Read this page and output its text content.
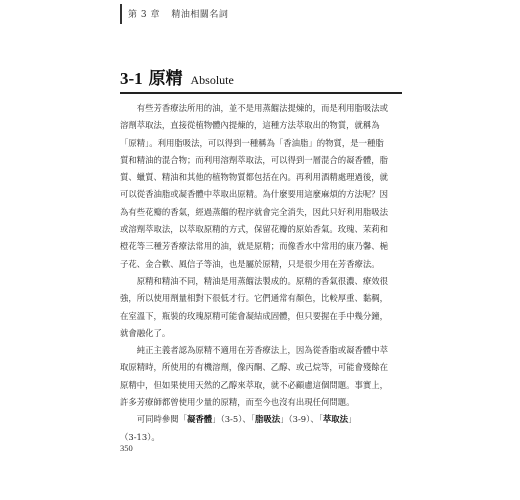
第 3 章 精油相關名詞
3-1 原精 Absolute
有些芳香療法所用的油，並不是用蒸餾法提煉的，而是利用脂吸法或
溶劑萃取法，直接從植物體內提煉的，這種方法萃取出的物質，就稱為
「原精」。利用脂吸法，可以得到一種稱為「香油脂」的物質，是一種脂
質和精油的混合物；而利用溶劑萃取法，可以得到一層混合的凝香體，脂
質、蠟質、精油和其他的植物物質都包括在內。再利用酒精處理過後，就
可以從香油脂或凝香體中萃取出原精。為什麼要用這麼麻煩的方法呢？因
為有些花瓣的香氣，經過蒸餾的程序就會完全消失，因此只好利用脂吸法
或溶劑萃取法，以萃取原精的方式，保留花瓣的原始香氣。玫瑰、茉莉和
橙花等三種芳香療法常用的油，就是原精；而像香水中常用的康乃馨、梔
子花、金合歡、風信子等油，也是屬於原精，只是很少用在芳香療法。
原精和精油不同，精油是用蒸餾法製成的。原精的香氣很濃、療效很
強，所以使用劑量相對下很低才行。它們通常有顏色，比較厚重、黏稠，
在室溫下，瓶裝的玫瑰原精可能會凝結成固體，但只要握在手中幾分鐘，
就會融化了。
純正主義者認為原精不適用在芳香療法上，因為從香脂或凝香體中萃
取原精時，所使用的有機溶劑，像丙酮、乙醇、或己烷等，可能會殘餘在
原精中，但如果使用天然的乙醇來萃取，就不必顧慮這個問題。事實上，
許多芳療師都曾使用少量的原精，而至今也沒有出現任何問題。
可同時參閱「凝香體」（3-5）、「脂吸法」（3-9）、「萃取法」
（3-13）。
350
